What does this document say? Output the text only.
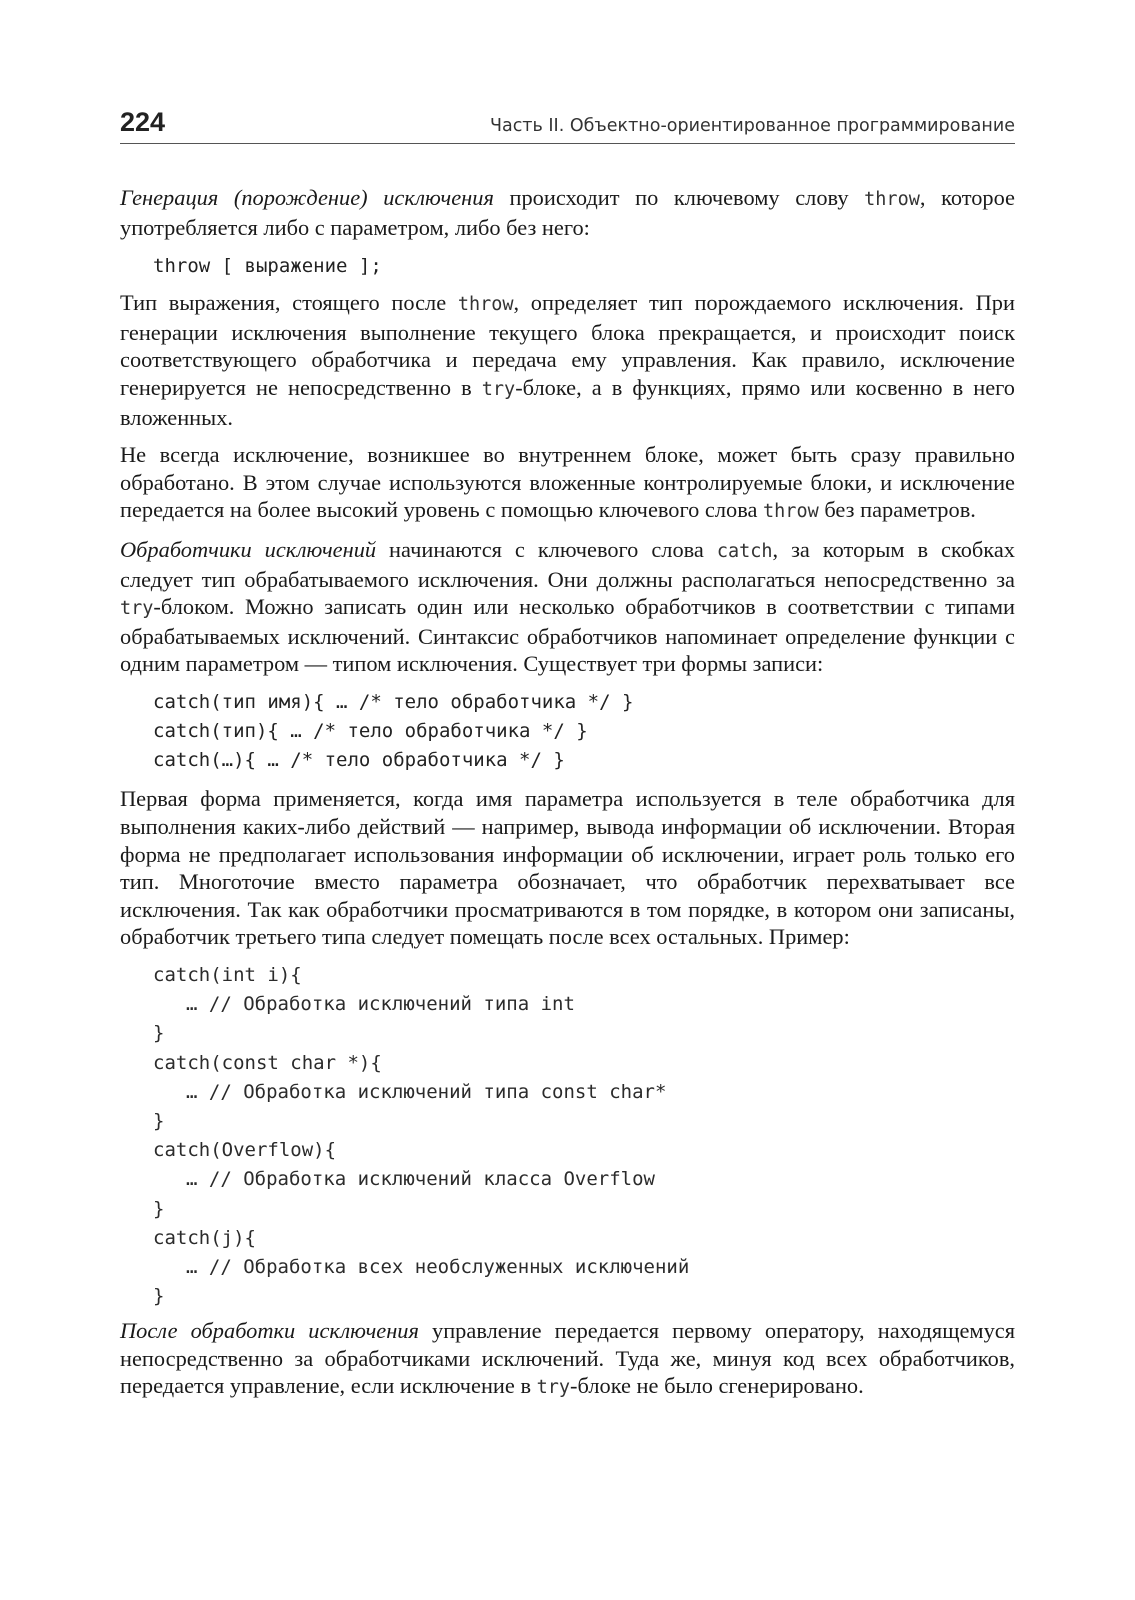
224	Часть II. Объектно-ориентированное программирование

Генерация (порождение) исключения происходит по ключевому слову throw, которое употребляется либо с параметром, либо без него:

throw [ выражение ];

Тип выражения, стоящего после throw, определяет тип порождаемого исключения. При генерации исключения выполнение текущего блока прекращается, и происходит поиск соответствующего обработчика и передача ему управления. Как правило, исключение генерируется не непосредственно в try-блоке, а в функциях, прямо или косвенно в него вложенных.

Не всегда исключение, возникшее во внутреннем блоке, может быть сразу правильно обработано. В этом случае используются вложенные контролируемые блоки, и исключение передается на более высокий уровень с помощью ключевого слова throw без параметров.

Обработчики исключений начинаются с ключевого слова catch, за которым в скобках следует тип обрабатываемого исключения. Они должны располагаться непосредственно за try-блоком. Можно записать один или несколько обработчиков в соответствии с типами обрабатываемых исключений. Синтаксис обработчиков напоминает определение функции с одним параметром — типом исключения. Существует три формы записи:

catch(тип имя){ … /* тело обработчика */ }
catch(тип){ … /* тело обработчика */ }
catch(…){ … /* тело обработчика */ }

Первая форма применяется, когда имя параметра используется в теле обработчика для выполнения каких-либо действий — например, вывода информации об исключении. Вторая форма не предполагает использования информации об исключении, играет роль только его тип. Многоточие вместо параметра обозначает, что обработчик перехватывает все исключения. Так как обработчики просматриваются в том порядке, в котором они записаны, обработчик третьего типа следует помещать после всех остальных. Пример:

catch(int i){
… // Обработка исключений типа int
}
catch(const char *){
… // Обработка исключений типа const char*
}
catch(Overflow){
… // Обработка исключений класса Overflow
}
catch(j){
… // Обработка всех необслуженных исключений
}

После обработки исключения управление передается первому оператору, находящемуся непосредственно за обработчиками исключений. Туда же, минуя код всех обработчиков, передается управление, если исключение в try-блоке не было сгенерировано.
